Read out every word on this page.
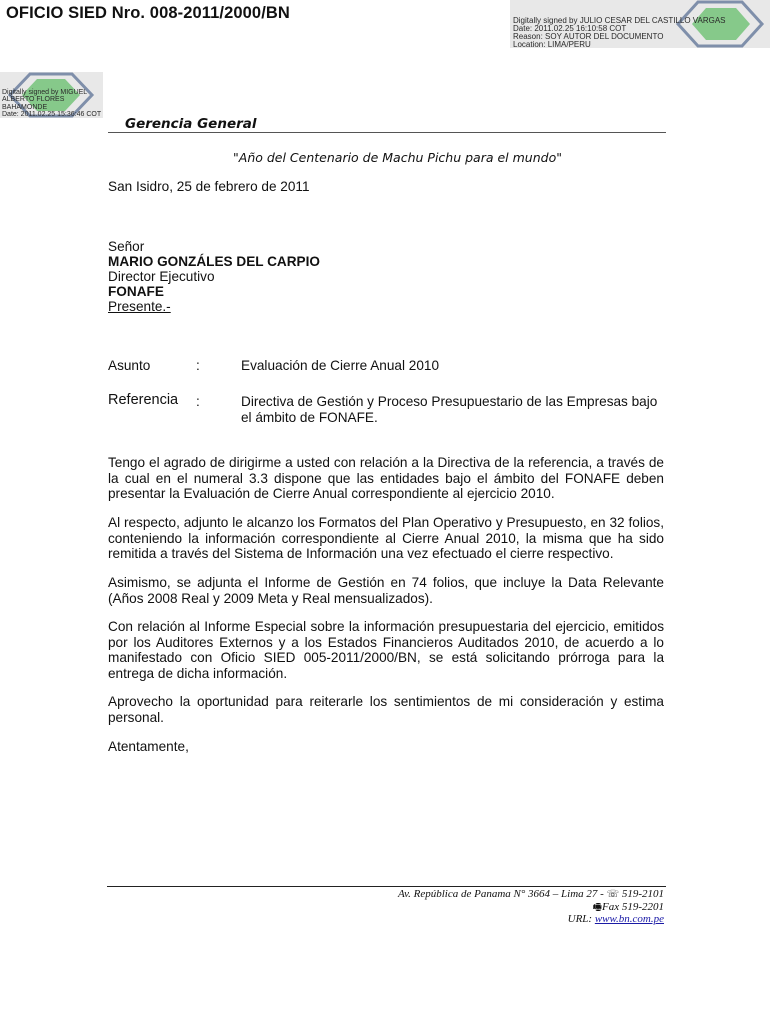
OFICIO SIED Nro. 008-2011/2000/BN	Digitally signed by JULIO CESAR DEL CASTILLO VARGAS
Date: 2011.02.25 16:10:58 COT
Reason: SOY AUTOR DEL DOCUMENTO
Location: LIMA/PERU
Digitally signed by MIGUEL
ALBERTO FLORES
BAHAMONDE
Date: 2011.02.25 15:36:46 COT
Gerencia General
"Año del Centenario de Machu Pichu para el mundo"
San Isidro, 25 de febrero de 2011
Señor
MARIO GONZÁLES DEL CARPIO
Director Ejecutivo
FONAFE
Presente.-
Asunto	:	Evaluación de Cierre Anual 2010
Referencia :	Directiva de Gestión y Proceso Presupuestario de las Empresas bajo el ámbito de FONAFE.
Tengo el agrado de dirigirme a usted con relación a la Directiva de la referencia, a través de la cual en el numeral 3.3 dispone que las entidades bajo el ámbito del FONAFE deben presentar la Evaluación de Cierre Anual correspondiente al ejercicio 2010.
Al respecto, adjunto le alcanzo los Formatos del Plan Operativo y Presupuesto, en 32 folios, conteniendo la información correspondiente al Cierre Anual 2010, la misma que ha sido remitida a través del Sistema de Información una vez efectuado el cierre respectivo.
Asimismo, se adjunta el Informe de Gestión en 74 folios, que incluye la Data Relevante (Años 2008 Real y 2009 Meta y Real mensualizados).
Con relación al Informe Especial sobre la información presupuestaria del ejercicio, emitidos por los Auditores Externos y a los Estados Financieros Auditados 2010, de acuerdo a lo manifestado con Oficio SIED 005-2011/2000/BN, se está solicitando prórroga para la entrega de dicha información.
Aprovecho la oportunidad para reiterarle los sentimientos de mi consideración y estima personal.
Atentamente,
Av. República de Panama N° 3664 – Lima 27 - ☏ 519-2101
🖷Fax 519-2201
URL: www.bn.com.pe
